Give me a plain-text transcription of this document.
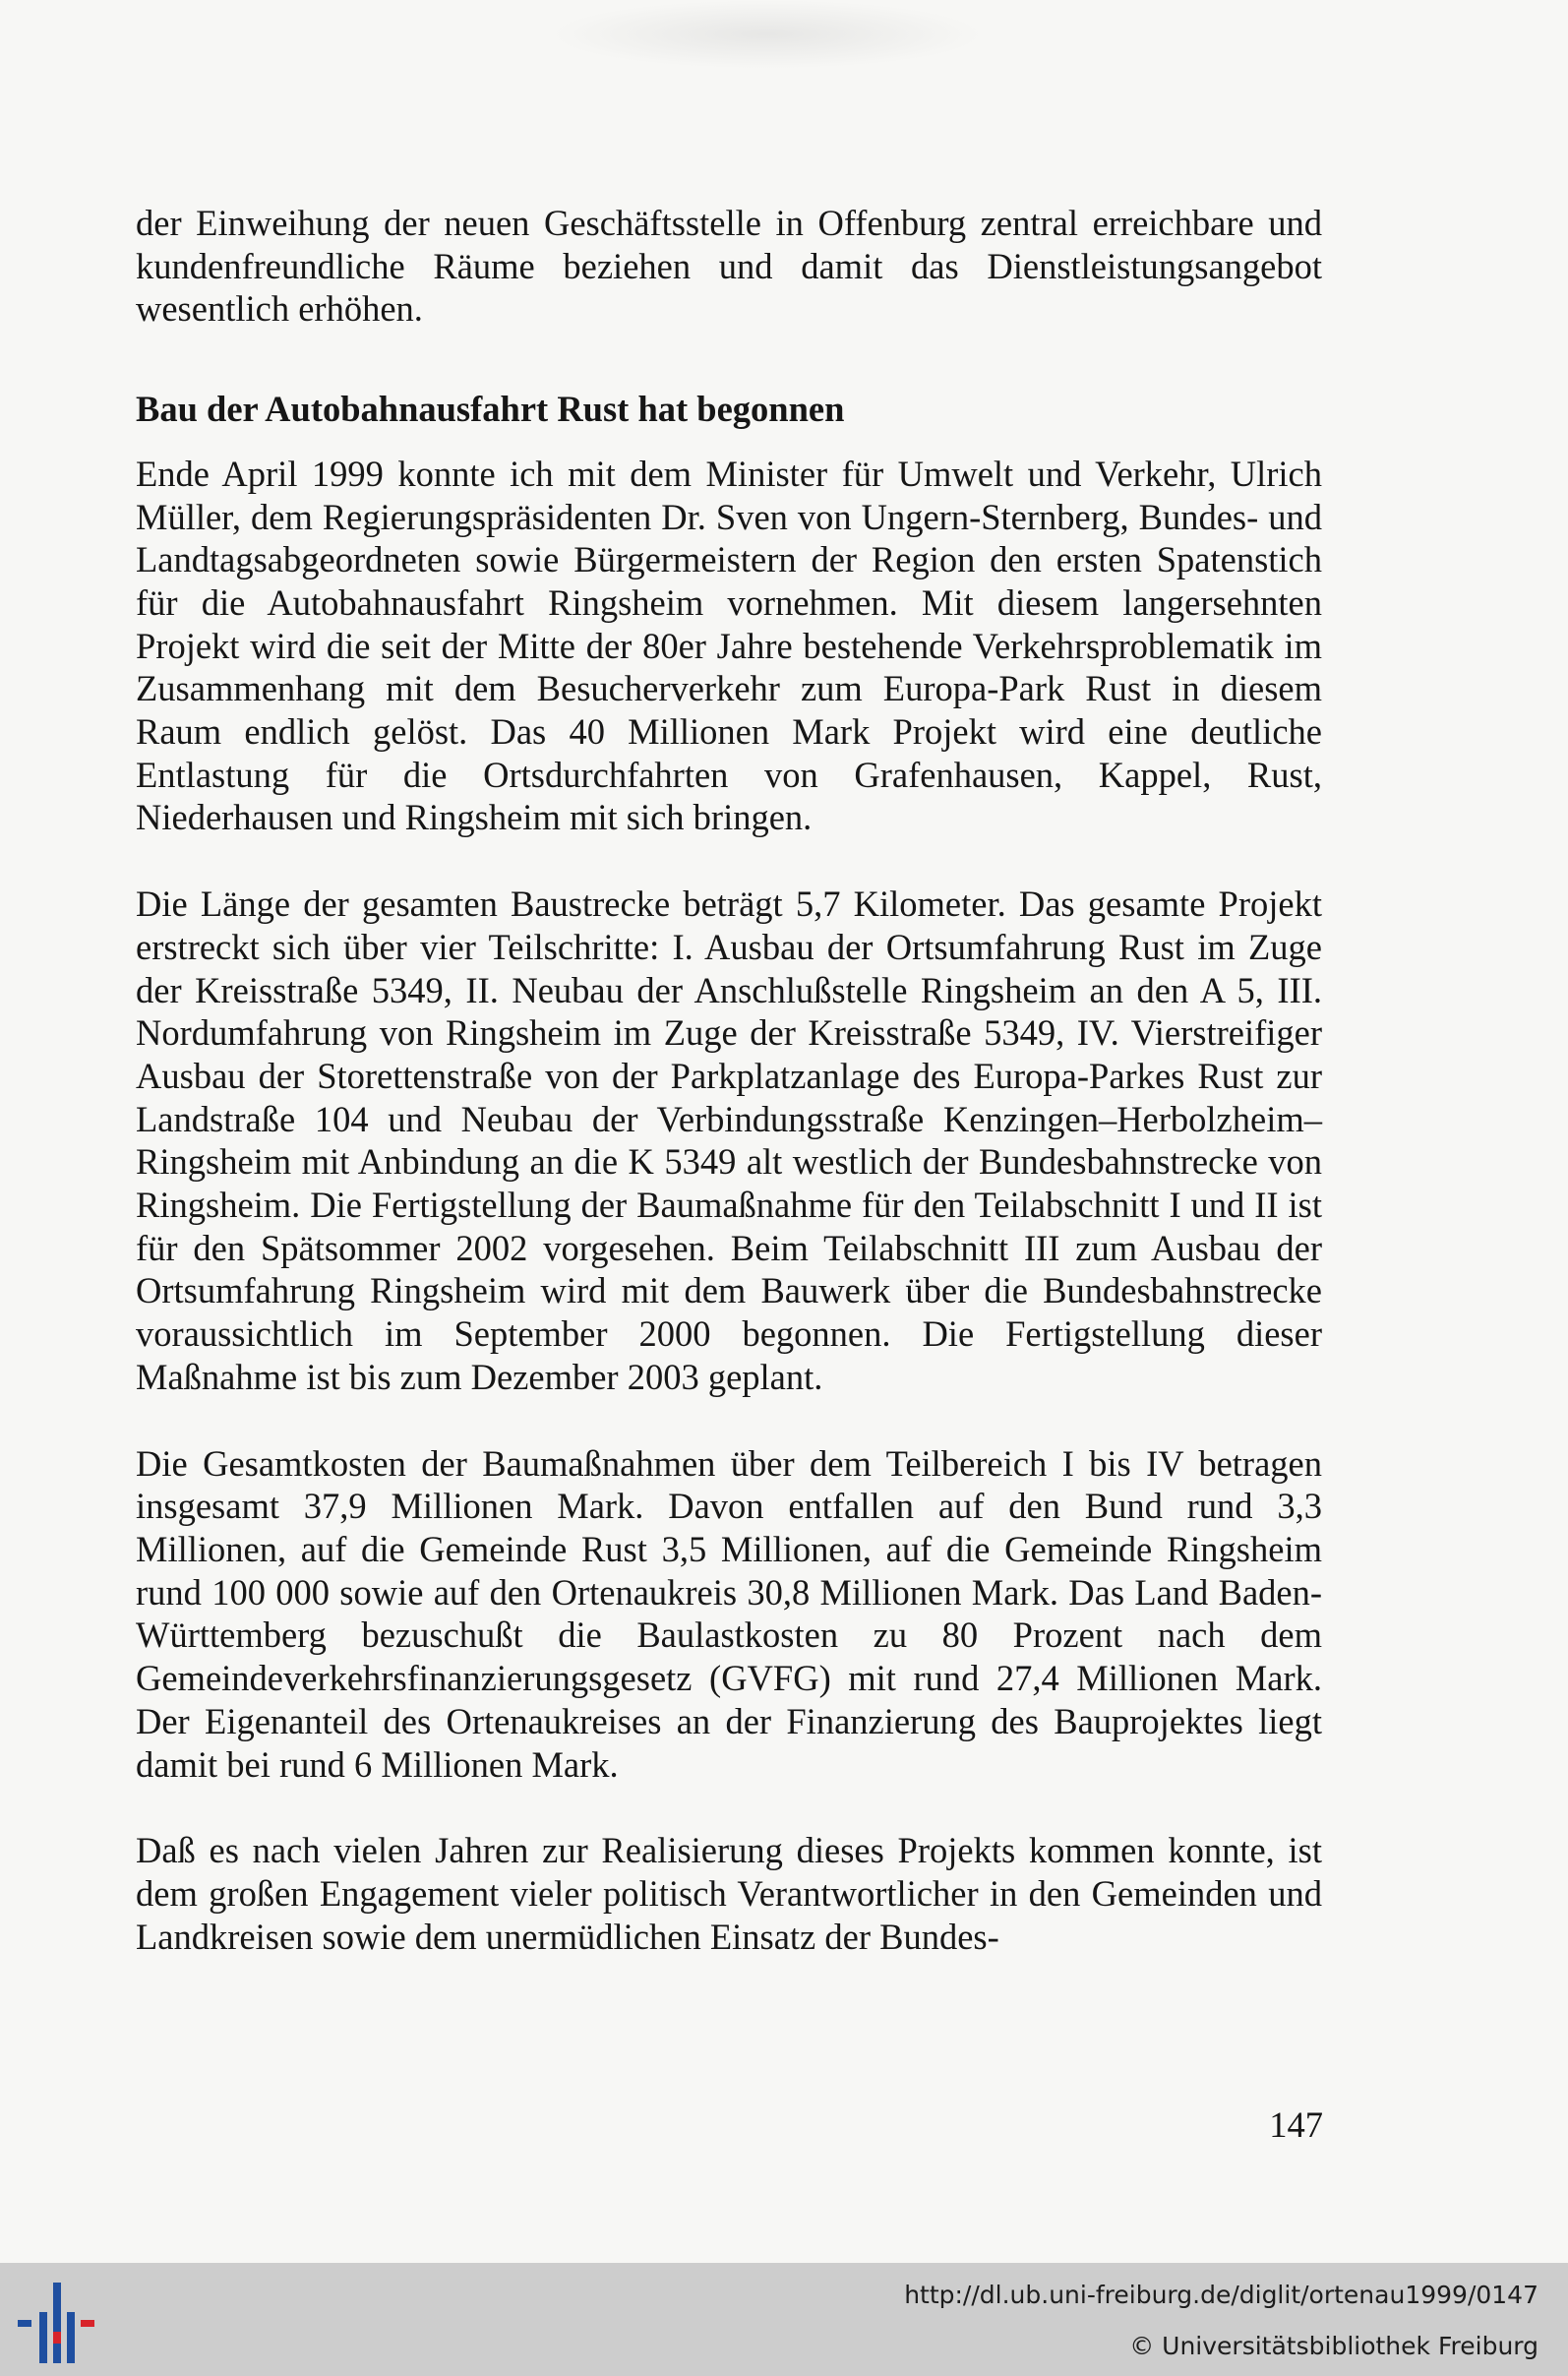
der Einweihung der neuen Geschäftsstelle in Offenburg zentral erreichbare und kundenfreundliche Räume beziehen und damit das Dienstleistungsangebot wesentlich erhöhen.

Bau der Autobahnausfahrt Rust hat begonnen

Ende April 1999 konnte ich mit dem Minister für Umwelt und Verkehr, Ulrich Müller, dem Regierungspräsidenten Dr. Sven von Ungern-Sternberg, Bundes- und Landtagsabgeordneten sowie Bürgermeistern der Region den ersten Spatenstich für die Autobahnausfahrt Ringsheim vornehmen. Mit diesem langersehnten Projekt wird die seit der Mitte der 80er Jahre bestehende Verkehrsproblematik im Zusammenhang mit dem Besucherverkehr zum Europa-Park Rust in diesem Raum endlich gelöst. Das 40 Millionen Mark Projekt wird eine deutliche Entlastung für die Ortsdurchfahrten von Grafenhausen, Kappel, Rust, Niederhausen und Ringsheim mit sich bringen.

Die Länge der gesamten Baustrecke beträgt 5,7 Kilometer. Das gesamte Projekt erstreckt sich über vier Teilschritte: I. Ausbau der Ortsumfahrung Rust im Zuge der Kreisstraße 5349, II. Neubau der Anschlußstelle Ringsheim an den A 5, III. Nordumfahrung von Ringsheim im Zuge der Kreisstraße 5349, IV. Vierstreifiger Ausbau der Storettenstraße von der Parkplatzanlage des Europa-Parkes Rust zur Landstraße 104 und Neubau der Verbindungsstraße Kenzingen–Herbolzheim–Ringsheim mit Anbindung an die K 5349 alt westlich der Bundesbahnstrecke von Ringsheim. Die Fertigstellung der Baumaßnahme für den Teilabschnitt I und II ist für den Spätsommer 2002 vorgesehen. Beim Teilabschnitt III zum Ausbau der Ortsumfahrung Ringsheim wird mit dem Bauwerk über die Bundesbahnstrecke voraussichtlich im September 2000 begonnen. Die Fertigstellung dieser Maßnahme ist bis zum Dezember 2003 geplant.

Die Gesamtkosten der Baumaßnahmen über dem Teilbereich I bis IV betragen insgesamt 37,9 Millionen Mark. Davon entfallen auf den Bund rund 3,3 Millionen, auf die Gemeinde Rust 3,5 Millionen, auf die Gemeinde Ringsheim rund 100 000 sowie auf den Ortenaukreis 30,8 Millionen Mark. Das Land Baden-Württemberg bezuschußt die Baulastkosten zu 80 Prozent nach dem Gemeindeverkehrsfinanzierungsgesetz (GVFG) mit rund 27,4 Millionen Mark. Der Eigenanteil des Ortenaukreises an der Finanzierung des Bauprojektes liegt damit bei rund 6 Millionen Mark.

Daß es nach vielen Jahren zur Realisierung dieses Projekts kommen konnte, ist dem großen Engagement vieler politisch Verantwortlicher in den Gemeinden und Landkreisen sowie dem unermüdlichen Einsatz der Bundes-

147
http://dl.ub.uni-freiburg.de/diglit/ortenau1999/0147
© Universitätsbibliothek Freiburg
